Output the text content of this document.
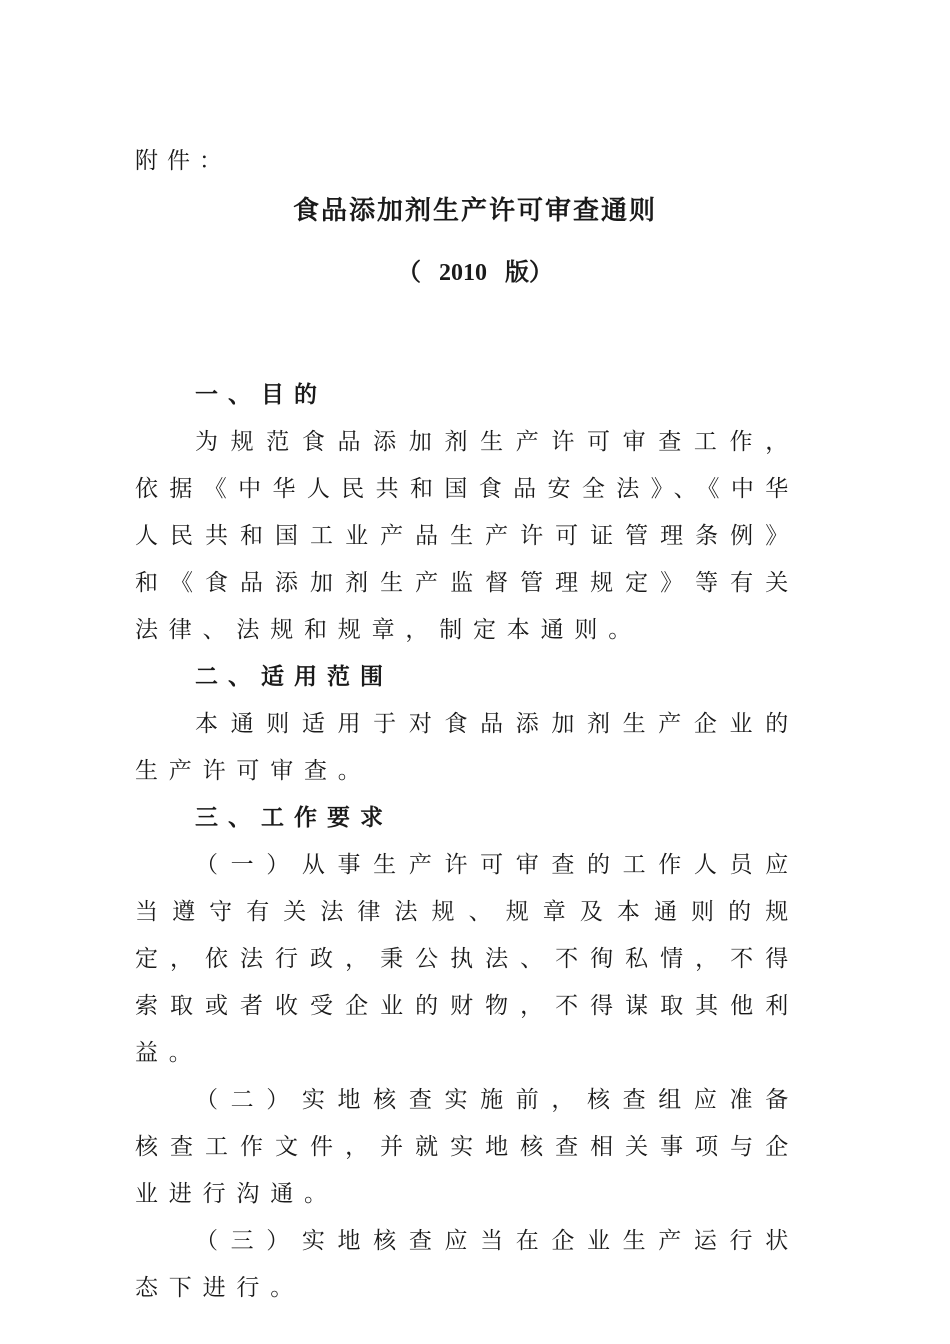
附件：
食品添加剂生产许可审查通则
（ 2010 版）

一、目的

为规范食品添加剂生产许可审查工作，依据《中华人民共和国食品安全法》、《中华人民共和国工业产品生产许可证管理条例》和《食品添加剂生产监督管理规定》等有关法律、法规和规章，制定本通则。

二、适用范围

本通则适用于对食品添加剂生产企业的生产许可审查。

三、工作要求

（一）从事生产许可审查的工作人员应当遵守有关法律法规、规章及本通则的规定，依法行政，秉公执法、不徇私情，不得索取或者收受企业的财物，不得谋取其他利益。

（二）实地核查实施前，核查组应准备核查工作文件，并就实地核查相关事项与企业进行沟通。

（三）实地核查应当在企业生产运行状态下进行。
